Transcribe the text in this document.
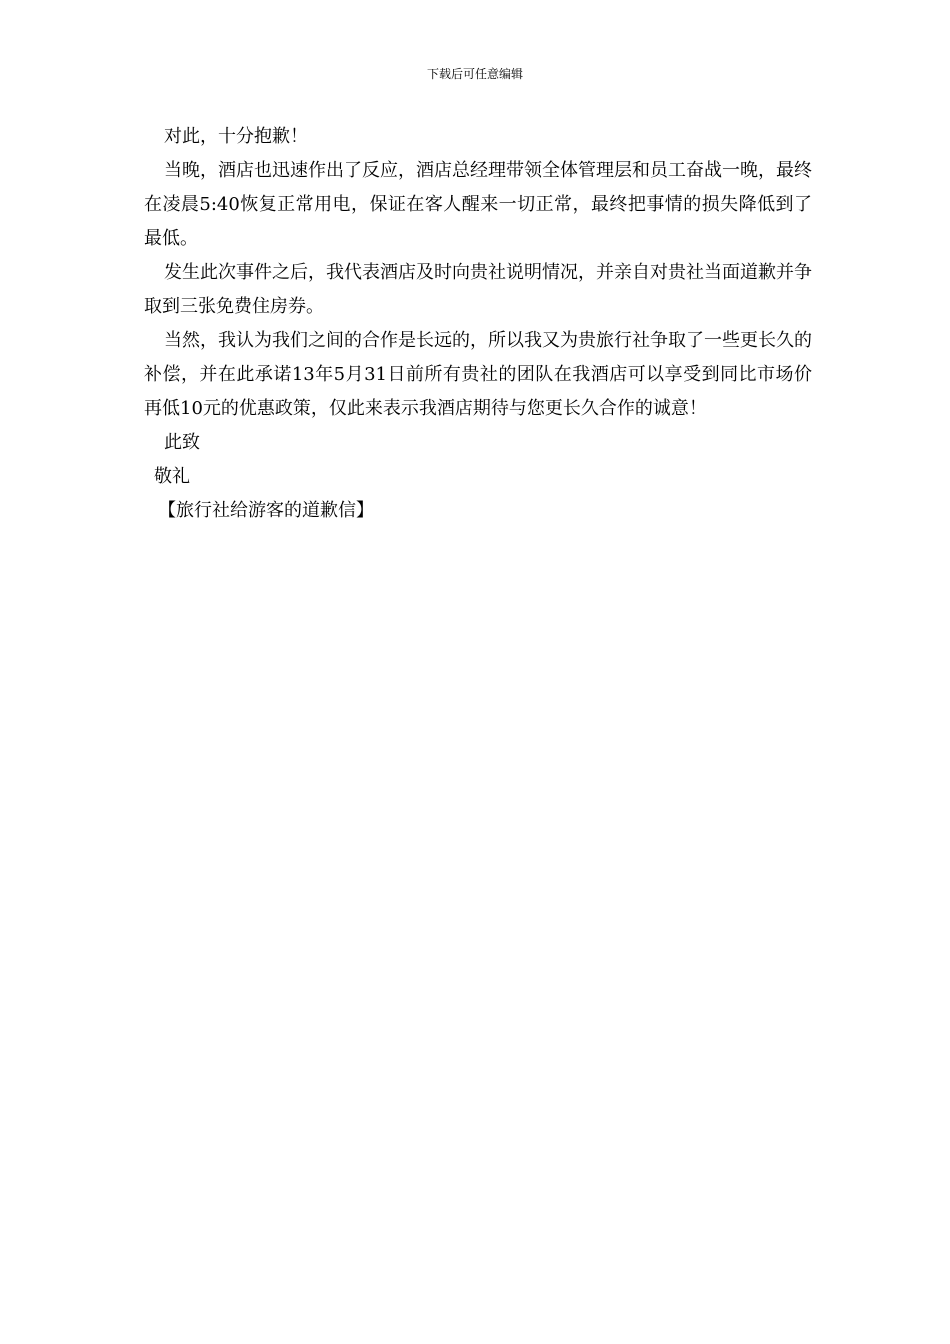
下载后可任意编辑

对此，十分抱歉！

当晚，酒店也迅速作出了反应，酒店总经理带领全体管理层和员工奋战一晚，最终在凌晨5:40恢复正常用电，保证在客人醒来一切正常，最终把事情的损失降低到了最低。

发生此次事件之后，我代表酒店及时向贵社说明情况，并亲自对贵社当面道歉并争取到三张免费住房券。

当然，我认为我们之间的合作是长远的，所以我又为贵旅行社争取了一些更长久的补偿，并在此承诺13年5月31日前所有贵社的团队在我酒店可以享受到同比市场价再低10元的优惠政策，仅此来表示我酒店期待与您更长久合作的诚意！

此致

敬礼

【旅行社给游客的道歉信】
